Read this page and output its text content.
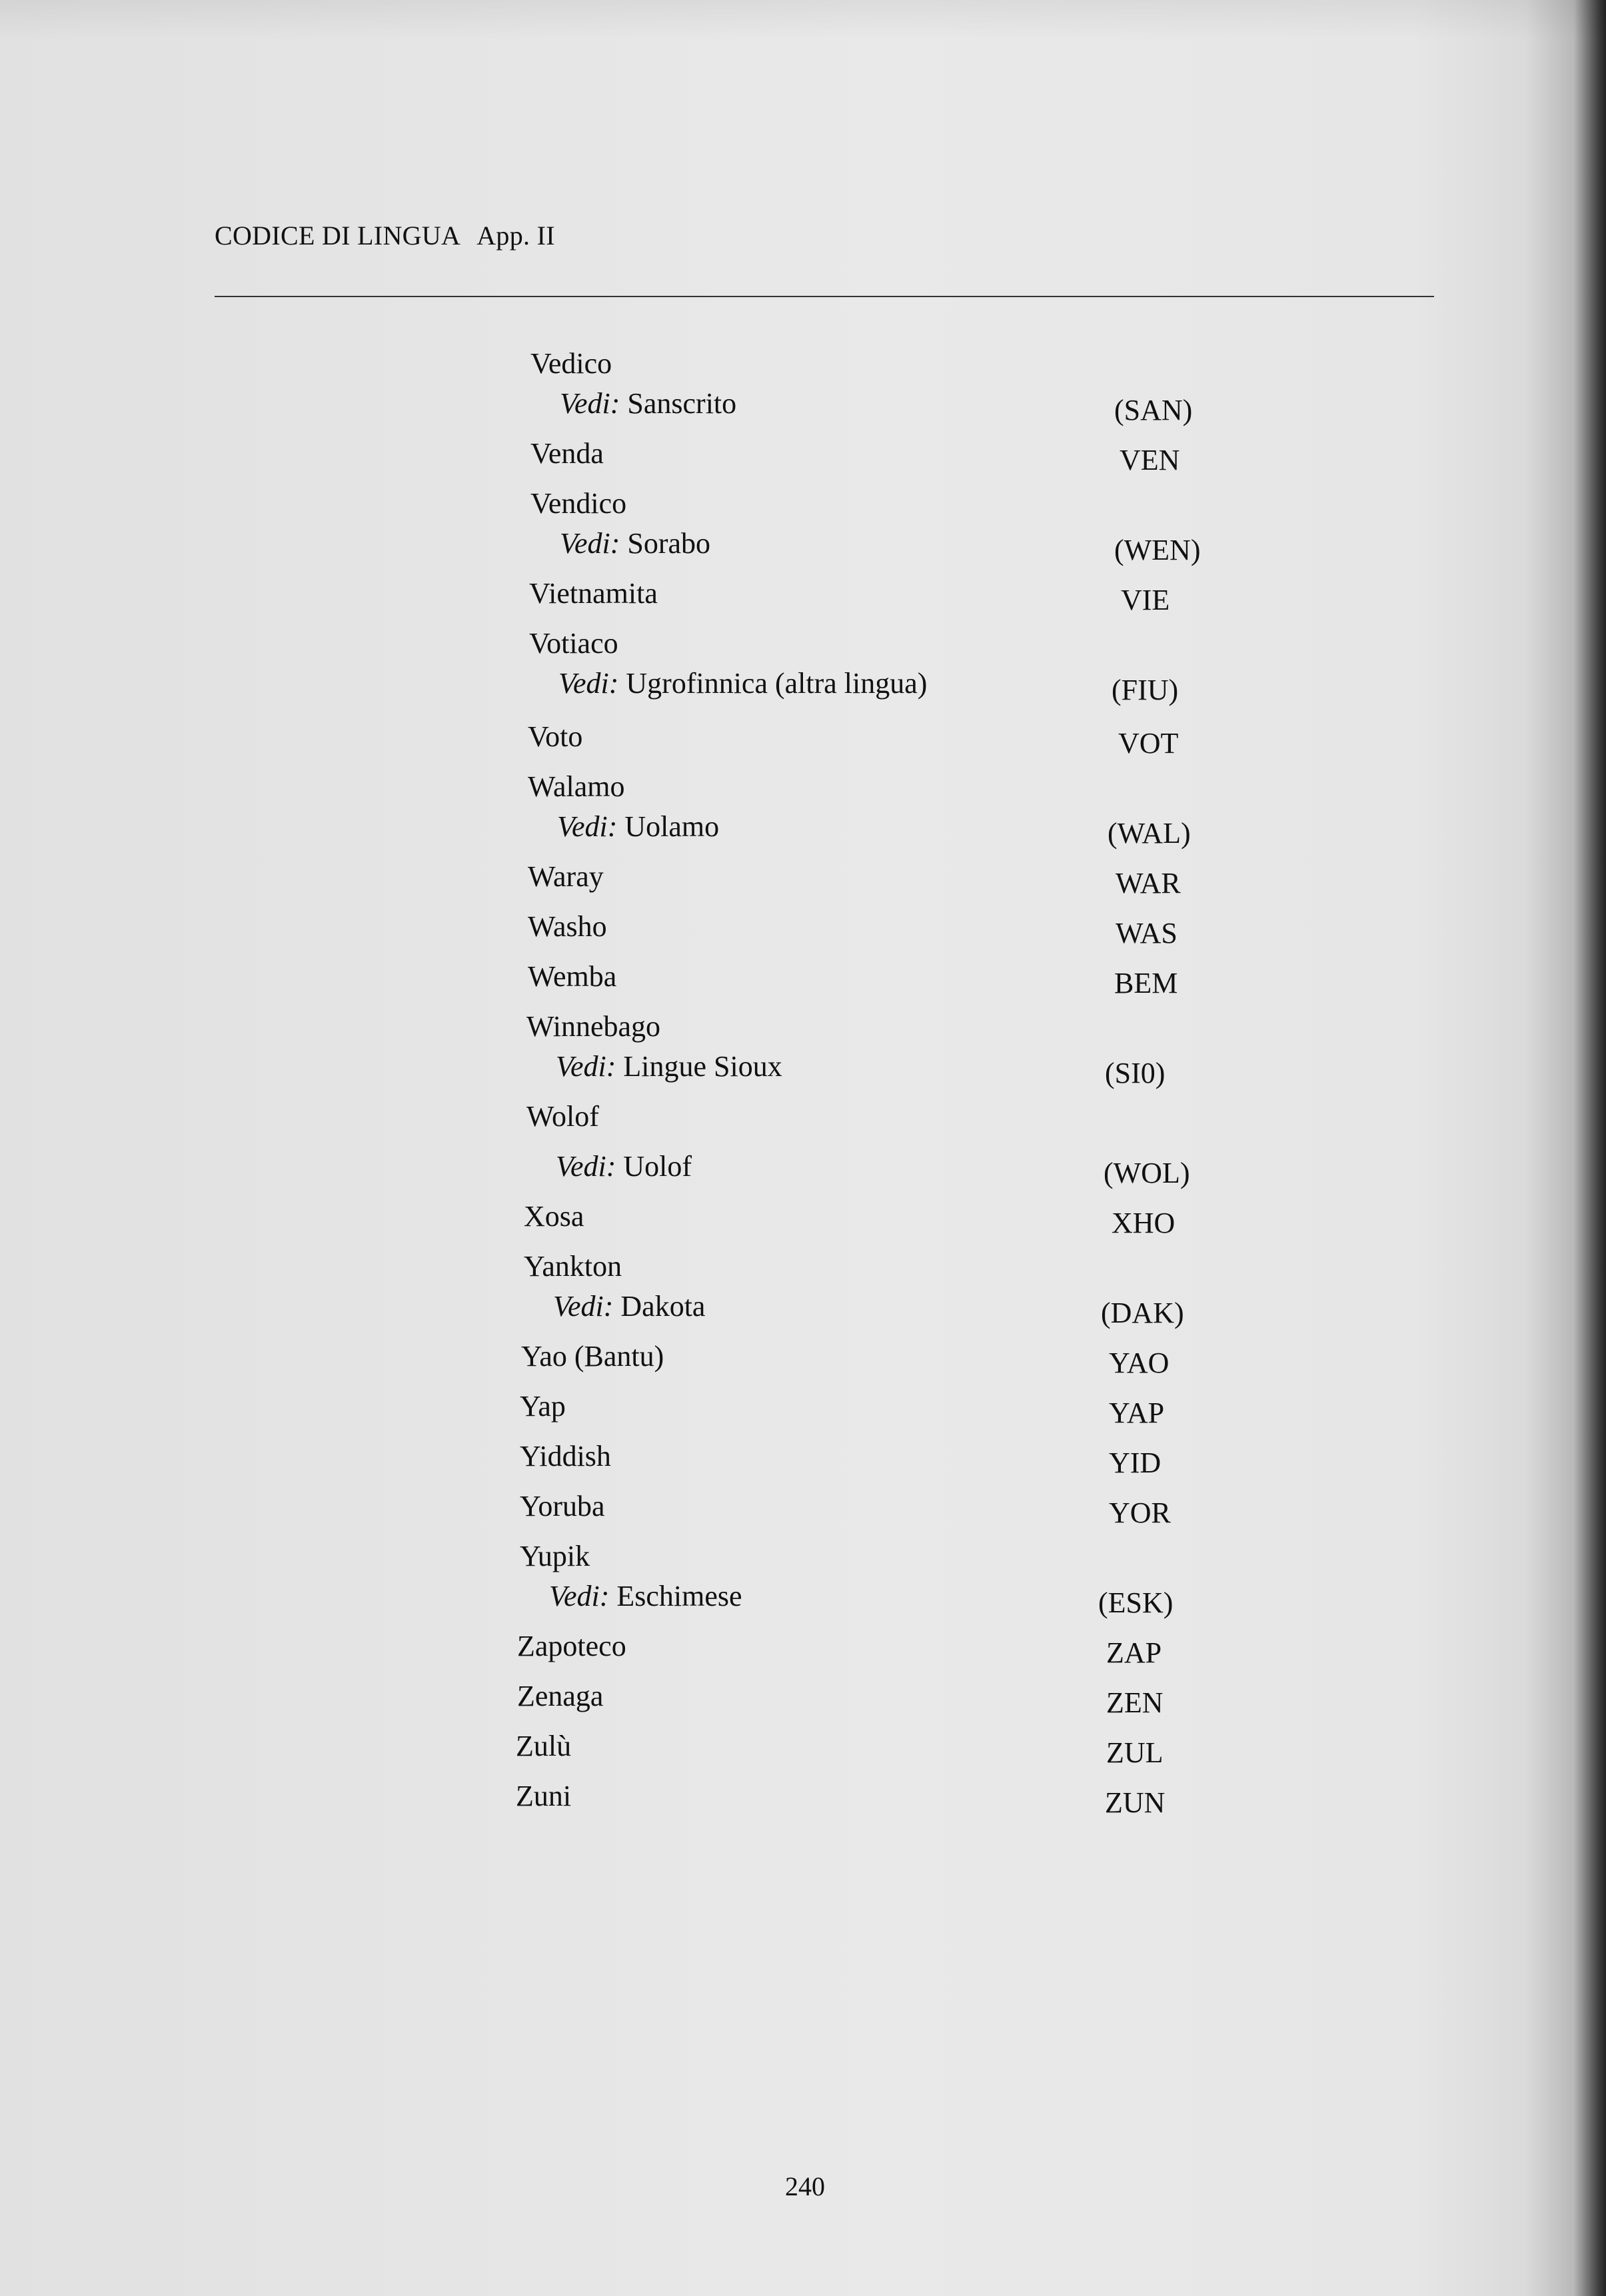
CODICE DI LINGUA App. II
Vedico
Vedi: Sanscrito	(SAN)
Venda	VEN
Vendico
Vedi: Sorabo	(WEN)
Vietnamita	VIE
Votiaco
Vedi: Ugrofinnica (altra lingua)	(FIU)
Voto	VOT
Walamo
Vedi: Uolamo	(WAL)
Waray	WAR
Washo	WAS
Wemba	BEM
Winnebago
Vedi: Lingue Sioux	(SI0)
Wolof
Vedi: Uolof	(WOL)
Xosa	XHO
Yankton
Vedi: Dakota	(DAK)
Yao (Bantu)	YAO
Yap	YAP
Yiddish	YID
Yoruba	YOR
Yupik
Vedi: Eschimese	(ESK)
Zapoteco	ZAP
Zenaga	ZEN
Zulù	ZUL
Zuni	ZUN
240
